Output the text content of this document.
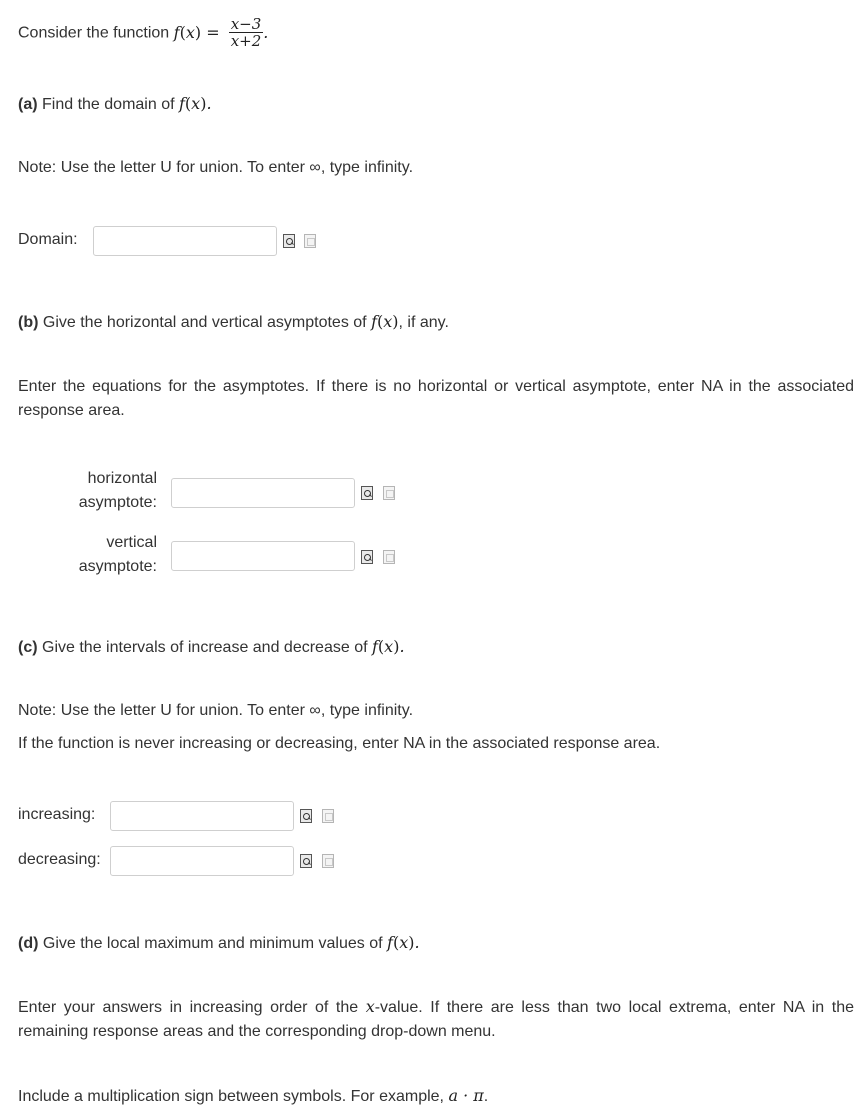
Consider the function $f(x) = \frac{x-3}{x+2}$ .
(a) Find the domain of f(x).
Note: Use the letter U for union. To enter ∞, type infinity.
Domain:
(b) Give the horizontal and vertical asymptotes of f(x), if any.
Enter the equations for the asymptotes. If there is no horizontal or vertical asymptote, enter NA in the associated response area.
horizontal
asymptote:
vertical
asymptote:
(c) Give the intervals of increase and decrease of f(x).
Note: Use the letter U for union. To enter ∞, type infinity.
If the function is never increasing or decreasing, enter NA in the associated response area.
increasing:
decreasing:
(d) Give the local maximum and minimum values of f(x).
Enter your answers in increasing order of the x-value. If there are less than two local extrema, enter NA in the remaining response areas and the corresponding drop-down menu.
Include a multiplication sign between symbols. For example, a · π.
